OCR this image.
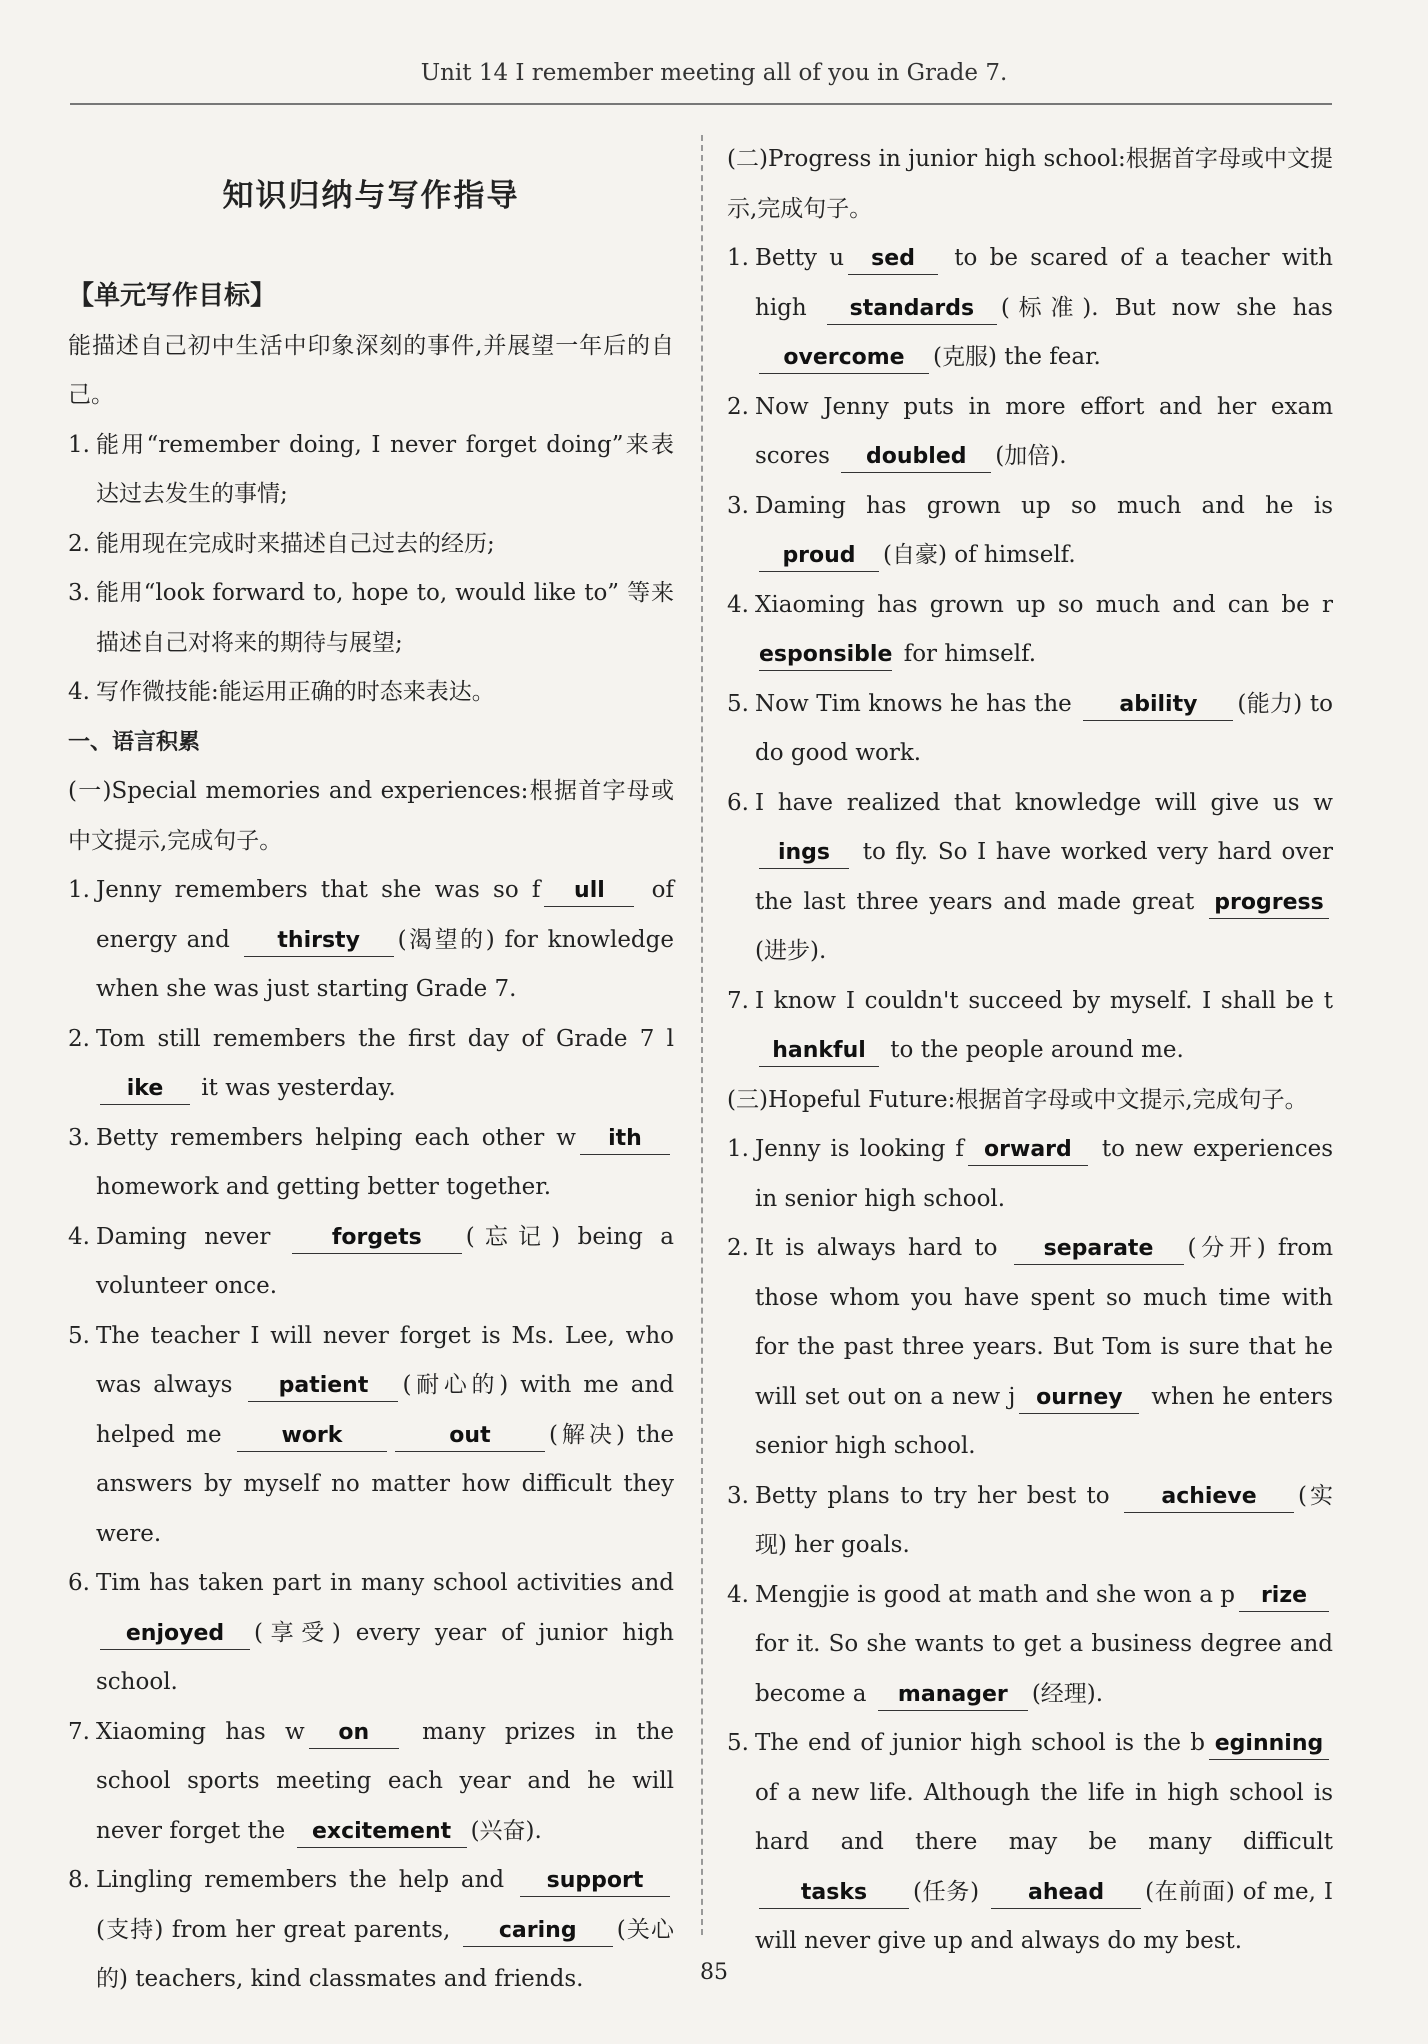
Unit 14 I remember meeting all of you in Grade 7.
知识归纳与写作指导
【单元写作目标】
能描述自己初中生活中印象深刻的事件,并展望一年后的自己。
1. 能用“remember doing, I never forget doing”来表达过去发生的事情;
2. 能用现在完成时来描述自己过去的经历;
3. 能用“look forward to, hope to, would like to” 等来描述自己对将来的期待与展望;
4. 写作微技能:能运用正确的时态来表达。
一、语言积累
(一)Special memories and experiences:根据首字母或中文提示,完成句子。
1. Jenny remembers that she was so f ull of energy and thirsty (渴望的) for knowledge when she was just starting Grade 7.
2. Tom still remembers the first day of Grade 7 like it was yesterday.
3. Betty remembers helping each other w ith homework and getting better together.
4. Daming never forgets (忘记) being a volunteer once.
5. The teacher I will never forget is Ms. Lee, who was always patient (耐心的) with me and helped me work	out	(解决) the answers by myself no matter how difficult they were.
6. Tim has taken part in many school activities and enjoyed (享受) every year of junior high school.
7. Xiaoming has w on many prizes in the school sports meeting each year and he will never forget the excitement (兴奋).
8. Lingling remembers the help and support(支持) from her great parents, caring (关心的) teachers, kind classmates and friends.
(二)Progress in junior high school:根据首字母或中文提示,完成句子。
1. Betty u sed to be scared of a teacher with high standards (标准). But now she has overcome (克服) the fear.
2. Now Jenny puts in more effort and her exam scores doubled (加倍).
3. Daming has grown up so much and he is proud (自豪) of himself.
4. Xiaoming has grown up so much and can be responsible for himself.
5. Now Tim knows he has the ability (能力) to do good work.
6. I have realized that knowledge will give us wings to fly. So I have worked very hard over the last three years and made great progress(进步).
7. I know I couldn't succeed by myself. I shall be thankful to the people around me.
(三)Hopeful Future:根据首字母或中文提示,完成句子。
1. Jenny is looking f orward to new experiences in senior high school.
2. It is always hard to separate (分开) from those whom you have spent so much time with for the past three years. But Tom is sure that he will set out on a new j ourney when he enters senior high school.
3. Betty plans to try her best to achieve (实现) her goals.
4. Mengjie is good at math and she won a p rize for it. So she wants to get a business degree and become a manager (经理).
5. The end of junior high school is the b eginning of a new life. Although the life in high school is hard and there may be many difficult tasks (任务) ahead (在前面) of me, I will never give up and always do my best.
85
